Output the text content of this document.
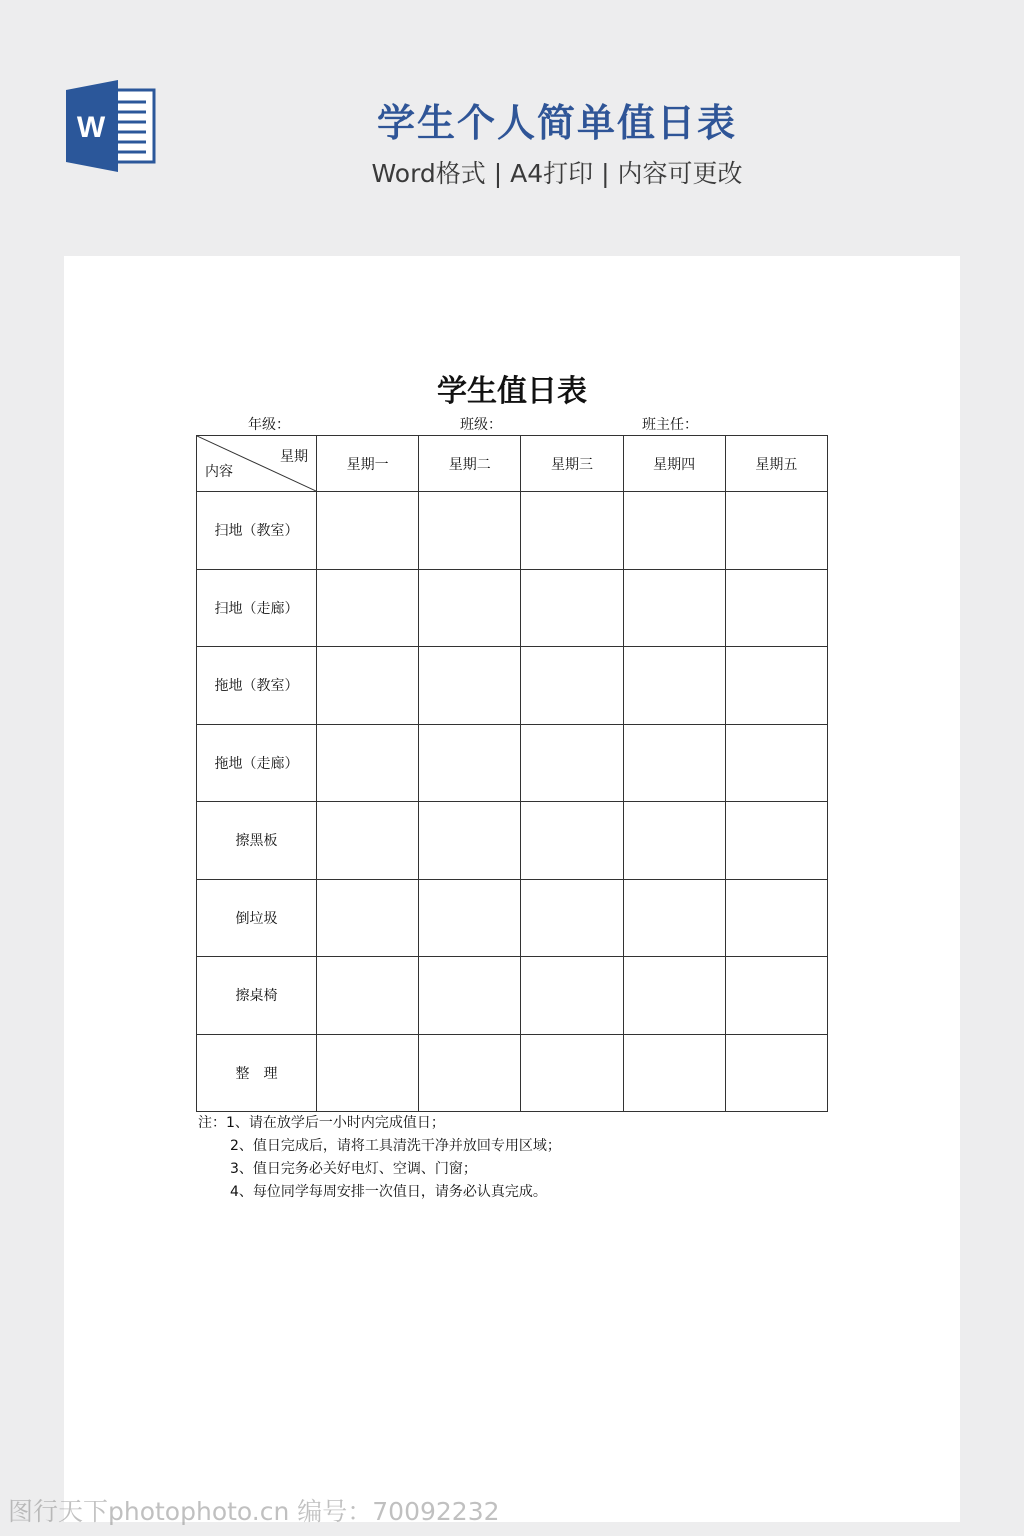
W	学生个人简单值日表
Word格式 | A4打印 | 内容可更改
学生值日表
年级：	班级：	班主任：
星期
内容	星期一	星期二	星期三	星期四	星期五
扫地（教室）					
扫地（走廊）					
拖地（教室）					
拖地（走廊）					
擦黑板					
倒垃圾					
擦桌椅					
整　理					
注：1、请在放学后一小时内完成值日；
2、值日完成后，请将工具清洗干净并放回专用区域；
3、值日完务必关好电灯、空调、门窗；
4、每位同学每周安排一次值日，请务必认真完成。
图行天下photophoto.cn 编号：70092232
